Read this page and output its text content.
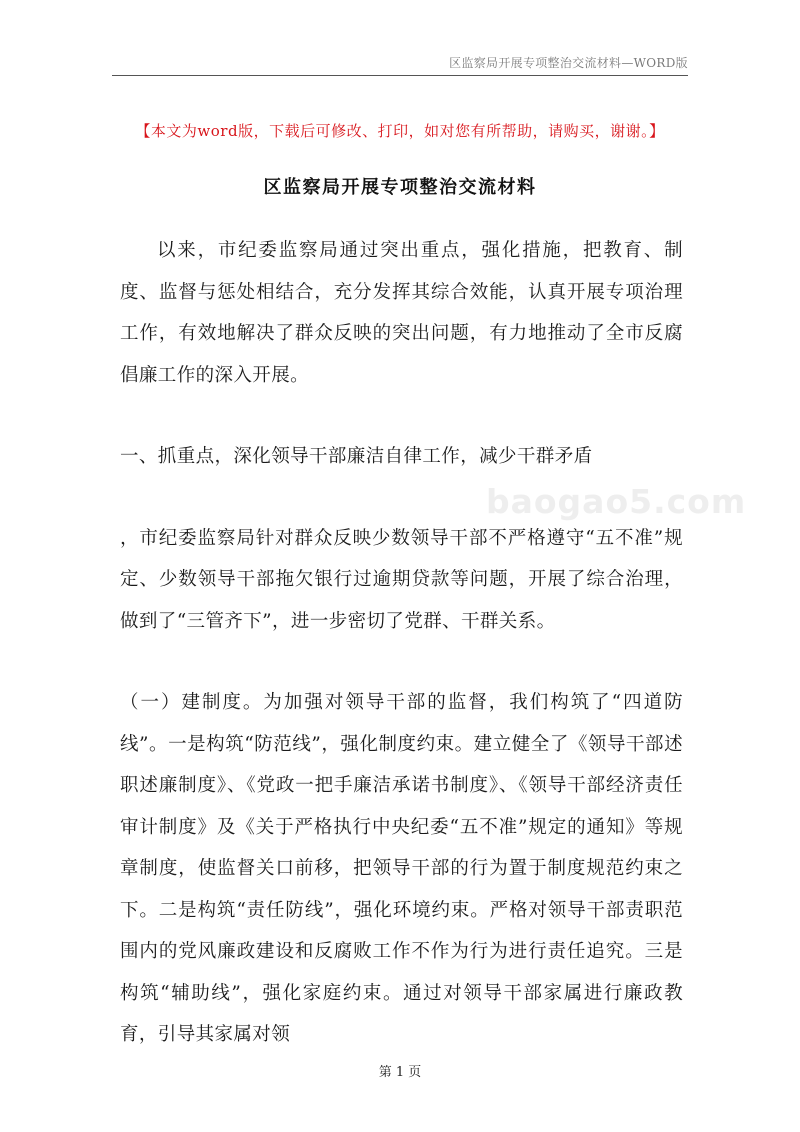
区监察局开展专项整治交流材料—WORD版
【本文为word版，下载后可修改、打印，如对您有所帮助，请购买，谢谢。】
区监察局开展专项整治交流材料

以来，市纪委监察局通过突出重点，强化措施，把教育、制度、监督与惩处相结合，充分发挥其综合效能，认真开展专项治理工作，有效地解决了群众反映的突出问题，有力地推动了全市反腐倡廉工作的深入开展。

一、抓重点，深化领导干部廉洁自律工作，减少干群矛盾

，市纪委监察局针对群众反映少数领导干部不严格遵守“五不准”规定、少数领导干部拖欠银行过逾期贷款等问题，开展了综合治理，做到了“三管齐下”，进一步密切了党群、干群关系。

（一）建制度。为加强对领导干部的监督，我们构筑了“四道防线”。一是构筑“防范线”，强化制度约束。建立健全了《领导干部述职述廉制度》、《党政一把手廉洁承诺书制度》、《领导干部经济责任审计制度》及《关于严格执行中央纪委“五不准”规定的通知》等规章制度，使监督关口前移，把领导干部的行为置于制度规范约束之下。二是构筑“责任防线”，强化环境约束。严格对领导干部责职范围内的党风廉政建设和反腐败工作不作为行为进行责任追究。三是构筑“辅助线”，强化家庭约束。通过对领导干部家属进行廉政教育，引导其家属对领

baogao5.com
第 1 页
